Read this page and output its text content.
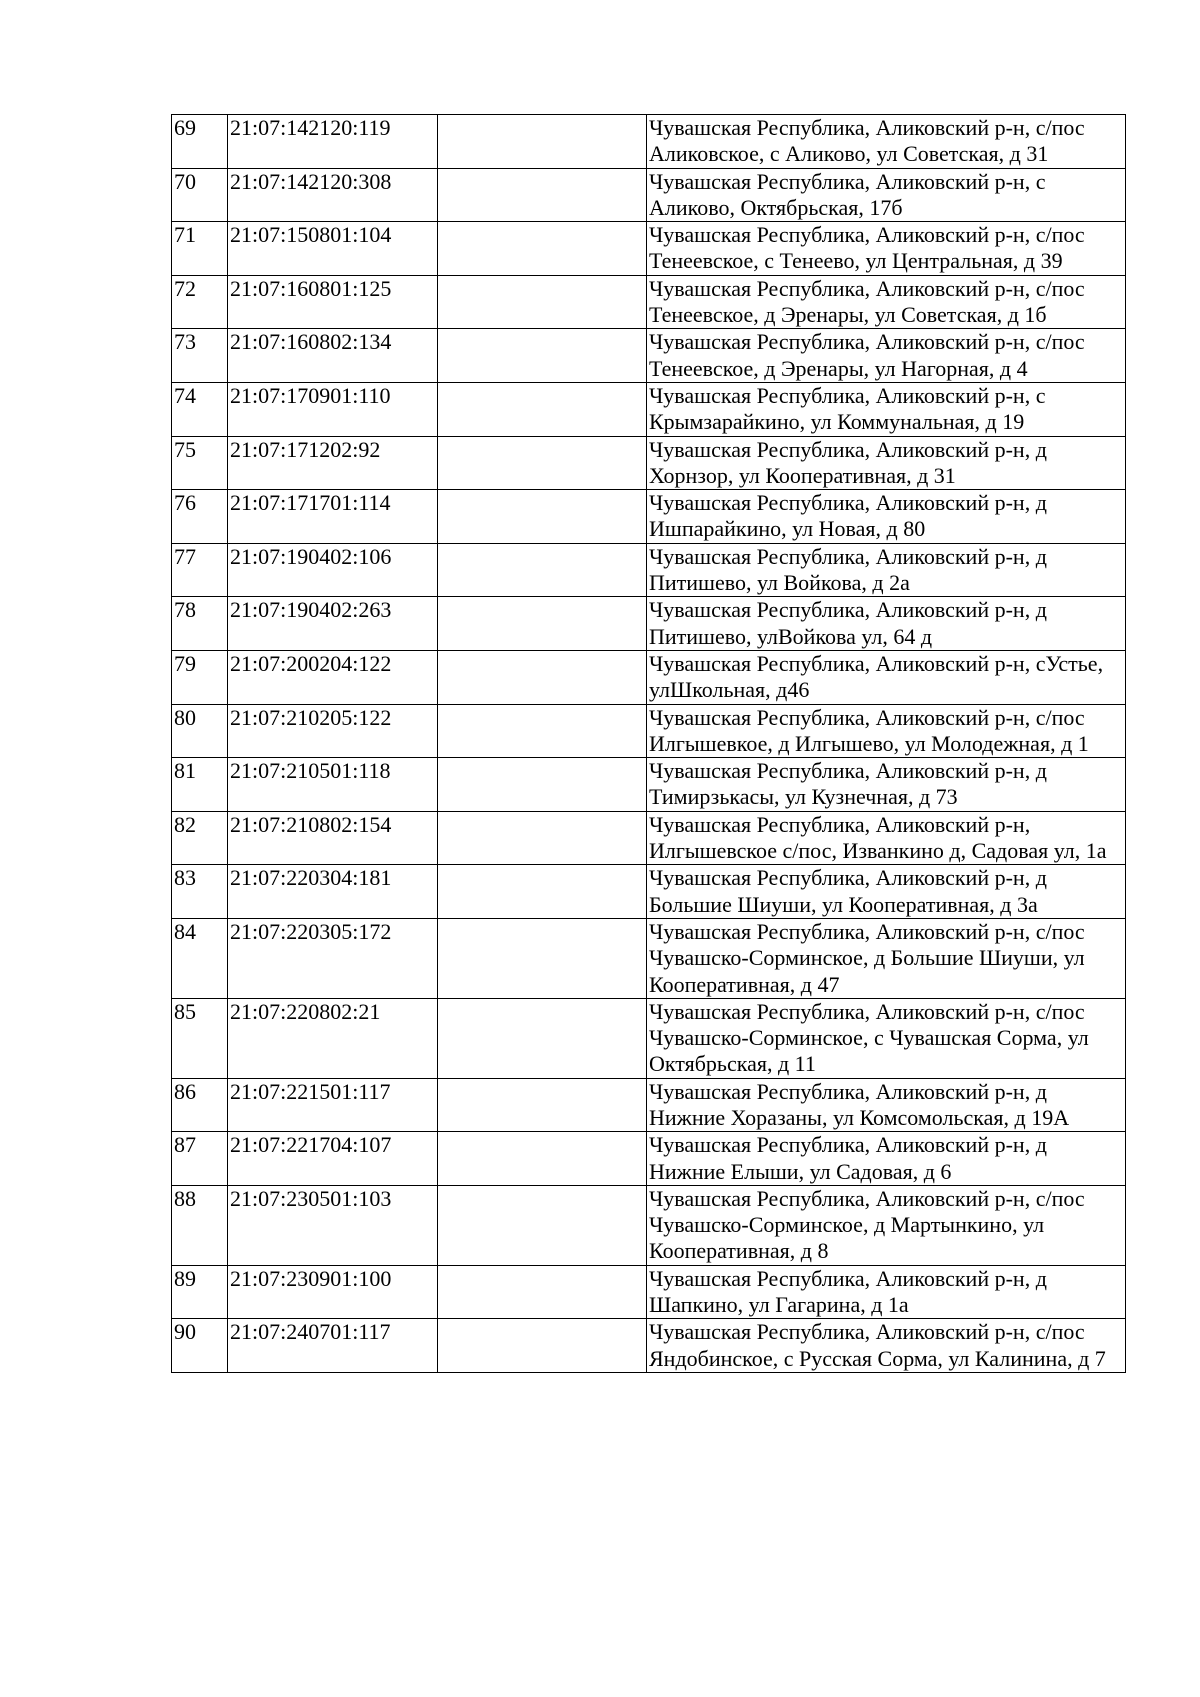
69	21:07:142120:119		Чувашская Республика, Аликовский р-н, с/пос Аликовское, с Аликово, ул Советская, д 31
70	21:07:142120:308		Чувашская Республика, Аликовский р-н, с Аликово, Октябрьская, 17б
71	21:07:150801:104		Чувашская Республика, Аликовский р-н, с/пос Тенеевское, с Тенеево, ул Центральная, д 39
72	21:07:160801:125		Чувашская Республика, Аликовский р-н, с/пос Тенеевское, д Эренары, ул Советская, д 1б
73	21:07:160802:134		Чувашская Республика, Аликовский р-н, с/пос Тенеевское, д Эренары, ул Нагорная, д 4
74	21:07:170901:110		Чувашская Республика, Аликовский р-н, с Крымзарайкино, ул Коммунальная, д 19
75	21:07:171202:92		Чувашская Республика, Аликовский р-н, д Хорнзор, ул Кооперативная, д 31
76	21:07:171701:114		Чувашская Республика, Аликовский р-н, д Ишпарайкино, ул Новая, д 80
77	21:07:190402:106		Чувашская Республика, Аликовский р-н, д Питишево, ул Войкова, д 2а
78	21:07:190402:263		Чувашская Республика, Аликовский р-н, д Питишево, улВойкова ул, 64 д
79	21:07:200204:122		Чувашская Республика, Аликовский р-н, сУстье, улШкольная, д46
80	21:07:210205:122		Чувашская Республика, Аликовский р-н, с/пос Илгышевкое, д Илгышево, ул Молодежная, д 1
81	21:07:210501:118		Чувашская Республика, Аликовский р-н, д Тимирзькасы, ул Кузнечная, д 73
82	21:07:210802:154		Чувашская Республика, Аликовский р-н, Илгышевское с/пос, Изванкино д, Садовая ул, 1а
83	21:07:220304:181		Чувашская Республика, Аликовский р-н, д Большие Шиуши, ул Кооперативная, д 3а
84	21:07:220305:172		Чувашская Республика, Аликовский р-н, с/пос Чувашско-Сорминское, д Большие Шиуши, ул Кооперативная, д 47
85	21:07:220802:21		Чувашская Республика, Аликовский р-н, с/пос Чувашско-Сорминское, с Чувашская Сорма, ул Октябрьская, д 11
86	21:07:221501:117		Чувашская Республика, Аликовский р-н, д Нижние Хоразаны, ул Комсомольская, д 19А
87	21:07:221704:107		Чувашская Республика, Аликовский р-н, д Нижние Елыши, ул Садовая, д 6
88	21:07:230501:103		Чувашская Республика, Аликовский р-н, с/пос Чувашско-Сорминское, д Мартынкино, ул Кооперативная, д 8
89	21:07:230901:100		Чувашская Республика, Аликовский р-н, д Шапкино, ул Гагарина, д 1а
90	21:07:240701:117		Чувашская Республика, Аликовский р-н, с/пос Яндобинское, с Русская Сорма, ул Калинина, д 7
